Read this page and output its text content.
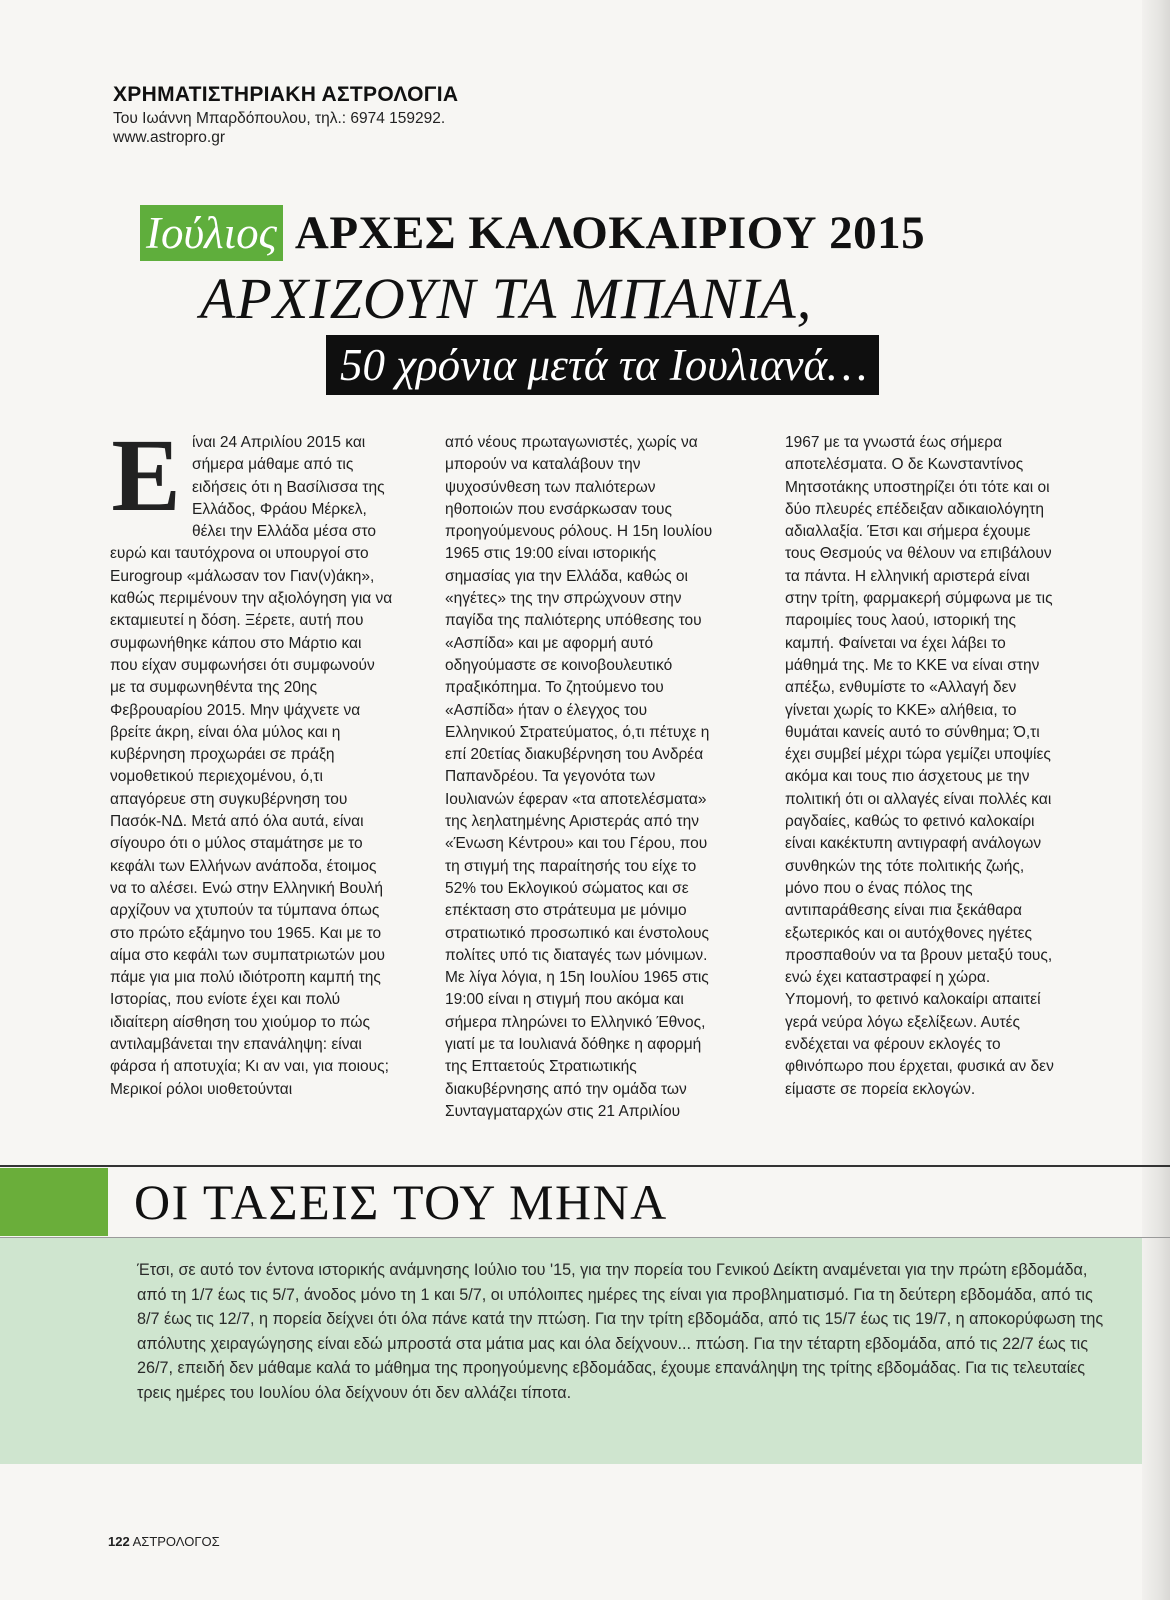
ΧΡΗΜΑΤΙΣΤΗΡΙΑΚΗ ΑΣΤΡΟΛΟΓΙΑ
Του Ιωάννη Μπαρδόπουλου, τηλ.: 6974 159292.
www.astropro.gr
Ιούλιος ΑΡΧΕΣ ΚΑΛΟΚΑΙΡΙΟΥ 2015
ΑΡΧΙΖΟΥΝ ΤΑ ΜΠΑΝΙΑ,
50 χρόνια μετά τα Ιουλιανά…
Ε ίναι 24 Απριλίου 2015 και σήμερα μάθαμε από τις ειδήσεις ότι η Βασίλισσα της Ελλάδος, Φράου Μέρκελ, θέλει την Ελλάδα μέσα στο ευρώ και ταυτόχρονα οι υπουργοί στο Eurogroup «μάλωσαν τον Γιαν(ν)άκη», καθώς περιμένουν την αξιολόγηση για να εκταμιευτεί η δόση. Ξέρετε, αυτή που συμφωνήθηκε κάπου στο Μάρτιο και που είχαν συμφωνήσει ότι συμφωνούν με τα συμφωνηθέντα της 20ης Φεβρουαρίου 2015. Μην ψάχνετε να βρείτε άκρη, είναι όλα μύλος και η κυβέρνηση προχωράει σε πράξη νομοθετικού περιεχομένου, ό,τι απαγόρευε στη συγκυβέρνηση του Πασόκ-ΝΔ. Μετά από όλα αυτά, είναι σίγουρο ότι ο μύλος σταμάτησε με το κεφάλι των Ελλήνων ανάποδα, έτοιμος να το αλέσει. Ενώ στην Ελληνική Βουλή αρχίζουν να χτυπούν τα τύμπανα όπως στο πρώτο εξάμηνο του 1965. Και με το αίμα στο κεφάλι των συμπατριωτών μου πάμε για μια πολύ ιδιότροπη καμπή της Ιστορίας, που ενίοτε έχει και πολύ ιδιαίτερη αίσθηση του χιούμορ το πώς αντιλαμβάνεται την επανάληψη: είναι φάρσα ή αποτυχία; Κι αν ναι, για ποιους; Μερικοί ρόλοι υιοθετούνται

από νέους πρωταγωνιστές, χωρίς να μπορούν να καταλάβουν την ψυχοσύνθεση των παλιότερων ηθοποιών που ενσάρκωσαν τους προηγούμενους ρόλους. Η 15η Ιουλίου 1965 στις 19:00 είναι ιστορικής σημασίας για την Ελλάδα, καθώς οι «ηγέτες» της την σπρώχνουν στην παγίδα της παλιότερης υπόθεσης του «Ασπίδα» και με αφορμή αυτό οδηγούμαστε σε κοινοβουλευτικό πραξικόπημα. Το ζητούμενο του «Ασπίδα» ήταν ο έλεγχος του Ελληνικού Στρατεύματος, ό,τι πέτυχε η επί 20ετίας διακυβέρνηση του Ανδρέα Παπανδρέου. Τα γεγονότα των Ιουλιανών έφεραν «τα αποτελέσματα» της λεηλατημένης Αριστεράς από την «Ένωση Κέντρου» και του Γέρου, που τη στιγμή της παραίτησής του είχε το 52% του Εκλογικού σώματος και σε επέκταση στο στράτευμα με μόνιμο στρατιωτικό προσωπικό και ένστολους πολίτες υπό τις διαταγές των μόνιμων. Με λίγα λόγια, η 15η Ιουλίου 1965 στις 19:00 είναι η στιγμή που ακόμα και σήμερα πληρώνει το Ελληνικό Έθνος, γιατί με τα Ιουλιανά δόθηκε η αφορμή της Επταετούς Στρατιωτικής διακυβέρνησης από την ομάδα των Συνταγματαρχών στις 21 Απριλίου

1967 με τα γνωστά έως σήμερα αποτελέσματα. Ο δε Κωνσταντίνος Μητσοτάκης υποστηρίζει ότι τότε και οι δύο πλευρές επέδειξαν αδικαιολόγητη αδιαλλαξία. Έτσι και σήμερα έχουμε τους Θεσμούς να θέλουν να επιβάλουν τα πάντα. Η ελληνική αριστερά είναι στην τρίτη, φαρμακερή σύμφωνα με τις παροιμίες τους λαού, ιστορική της καμπή. Φαίνεται να έχει λάβει το μάθημά της. Με το ΚΚΕ να είναι στην απέξω, ενθυμίστε το «Αλλαγή δεν γίνεται χωρίς το ΚΚΕ» αλήθεια, το θυμάται κανείς αυτό το σύνθημα; Ό,τι έχει συμβεί μέχρι τώρα γεμίζει υποψίες ακόμα και τους πιο άσχετους με την πολιτική ότι οι αλλαγές είναι πολλές και ραγδαίες, καθώς το φετινό καλοκαίρι είναι κακέκτυπη αντιγραφή ανάλογων συνθηκών της τότε πολιτικής ζωής, μόνο που ο ένας πόλος της αντιπαράθεσης είναι πια ξεκάθαρα εξωτερικός και οι αυτόχθονες ηγέτες προσπαθούν να τα βρουν μεταξύ τους, ενώ έχει καταστραφεί η χώρα. Υπομονή, το φετινό καλοκαίρι απαιτεί γερά νεύρα λόγω εξελίξεων. Αυτές ενδέχεται να φέρουν εκλογές το φθινόπωρο που έρχεται, φυσικά αν δεν είμαστε σε πορεία εκλογών.

ΟΙ ΤΑΣΕΙΣ ΤΟΥ ΜΗΝΑ
Έτσι, σε αυτό τον έντονα ιστορικής ανάμνησης Ιούλιο του '15, για την πορεία του Γενικού Δείκτη αναμένεται για την πρώτη εβδομάδα, από τη 1/7 έως τις 5/7, άνοδος μόνο τη 1 και 5/7, οι υπόλοιπες ημέρες της είναι για προβληματισμό. Για τη δεύτερη εβδομάδα, από τις 8/7 έως τις 12/7, η πορεία δείχνει ότι όλα πάνε κατά την πτώση. Για την τρίτη εβδομάδα, από τις 15/7 έως τις 19/7, η αποκορύφωση της απόλυτης χειραγώγησης είναι εδώ μπροστά στα μάτια μας και όλα δείχνουν... πτώση. Για την τέταρτη εβδομάδα, από τις 22/7 έως τις 26/7, επειδή δεν μάθαμε καλά το μάθημα της προηγούμενης εβδομάδας, έχουμε επανάληψη της τρίτης εβδομάδας. Για τις τελευταίες τρεις ημέρες του Ιουλίου όλα δείχνουν ότι δεν αλλάζει τίποτα.
122 ΑΣΤΡΟΛΟΓΟΣ
